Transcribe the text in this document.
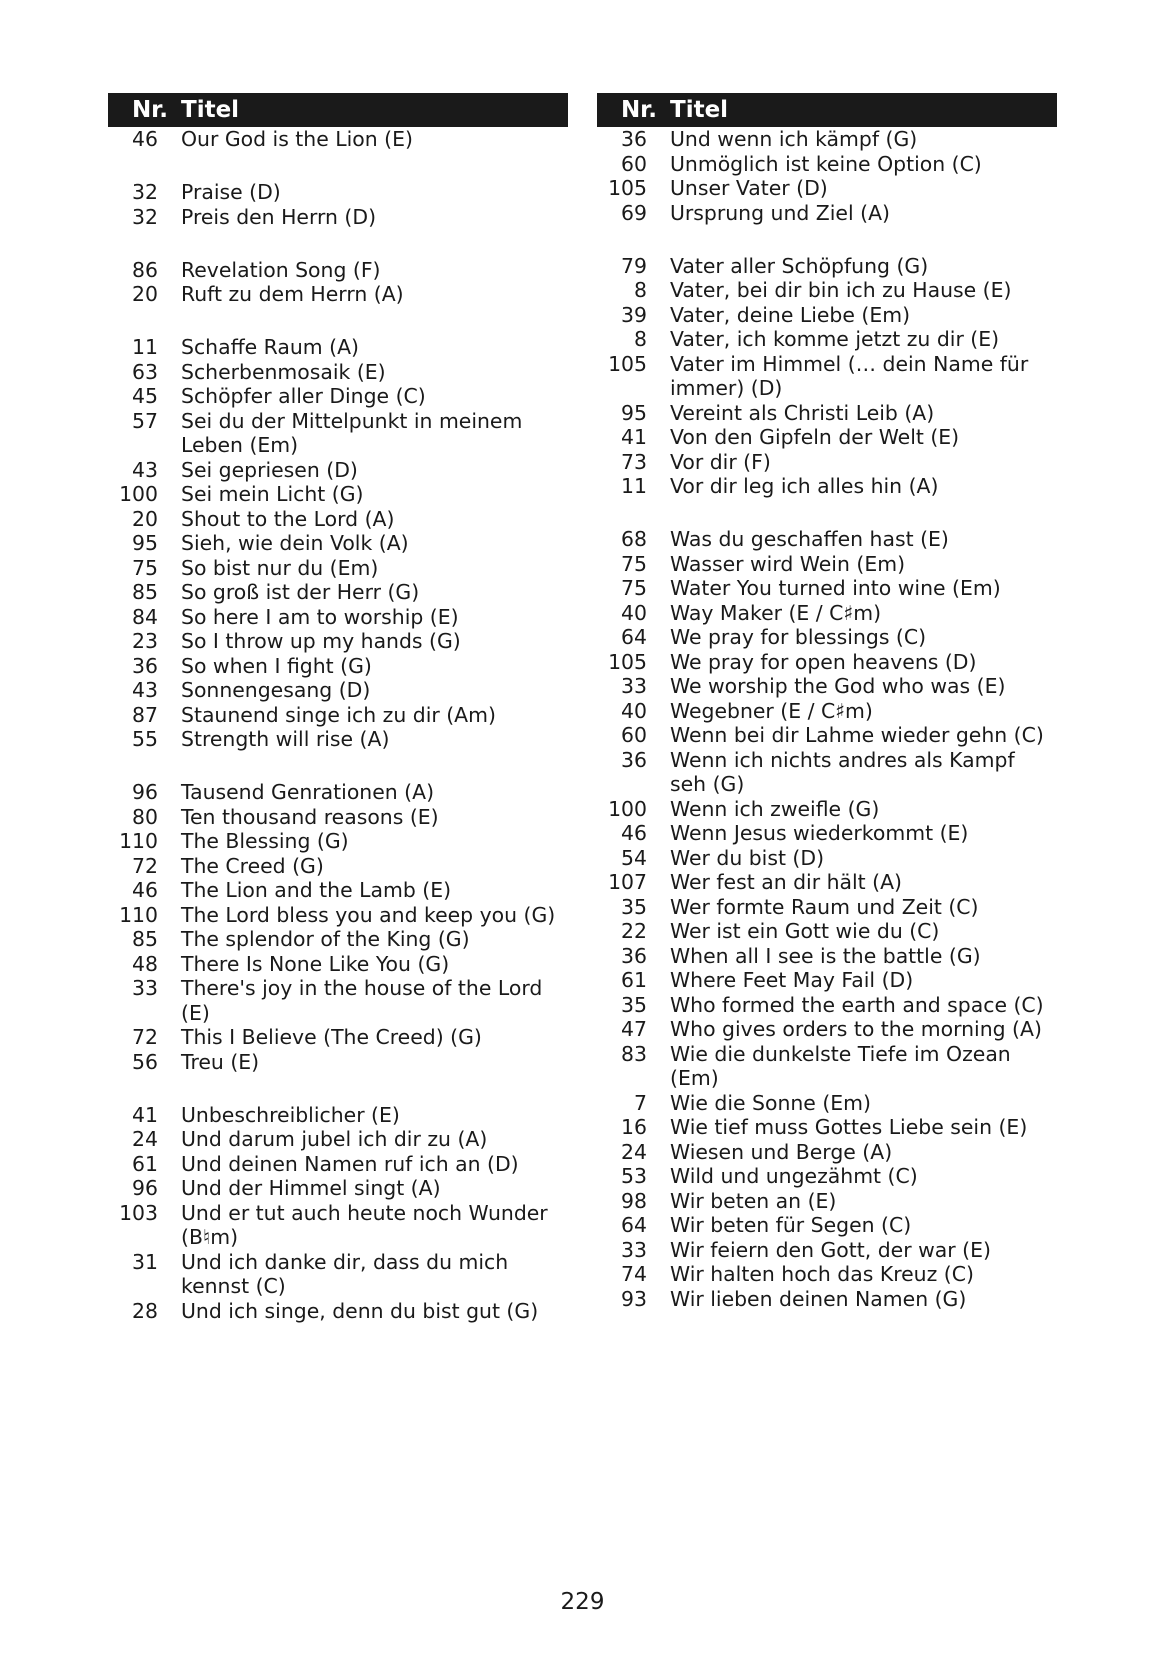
Nr. Titel
46 Our God is the Lion (E)
32 Praise (D)
32 Preis den Herrn (D)
86 Revelation Song (F)
20 Ruft zu dem Herrn (A)
11 Schaffe Raum (A)
63 Scherbenmosaik (E)
45 Schöpfer aller Dinge (C)
57 Sei du der Mittelpunkt in meinem Leben (Em)
43 Sei gepriesen (D)
100 Sei mein Licht (G)
20 Shout to the Lord (A)
95 Sieh, wie dein Volk (A)
75 So bist nur du (Em)
85 So groß ist der Herr (G)
84 So here I am to worship (E)
23 So I throw up my hands (G)
36 So when I fight (G)
43 Sonnengesang (D)
87 Staunend singe ich zu dir (Am)
55 Strength will rise (A)
96 Tausend Genrationen (A)
80 Ten thousand reasons (E)
110 The Blessing (G)
72 The Creed (G)
46 The Lion and the Lamb (E)
110 The Lord bless you and keep you (G)
85 The splendor of the King (G)
48 There Is None Like You (G)
33 There's joy in the house of the Lord (E)
72 This I Believe (The Creed) (G)
56 Treu (E)
41 Unbeschreiblicher (E)
24 Und darum jubel ich dir zu (A)
61 Und deinen Namen ruf ich an (D)
96 Und der Himmel singt (A)
103 Und er tut auch heute noch Wunder (B♮m)
31 Und ich danke dir, dass du mich kennst (C)
28 Und ich singe, denn du bist gut (G)
Nr. Titel
36 Und wenn ich kämpf (G)
60 Unmöglich ist keine Option (C)
105 Unser Vater (D)
69 Ursprung und Ziel (A)
79 Vater aller Schöpfung (G)
8 Vater, bei dir bin ich zu Hause (E)
39 Vater, deine Liebe (Em)
8 Vater, ich komme jetzt zu dir (E)
105 Vater im Himmel (… dein Name für immer) (D)
95 Vereint als Christi Leib (A)
41 Von den Gipfeln der Welt (E)
73 Vor dir (F)
11 Vor dir leg ich alles hin (A)
68 Was du geschaffen hast (E)
75 Wasser wird Wein (Em)
75 Water You turned into wine (Em)
40 Way Maker (E / C♯m)
64 We pray for blessings (C)
105 We pray for open heavens (D)
33 We worship the God who was (E)
40 Wegebner (E / C♯m)
60 Wenn bei dir Lahme wieder gehn (C)
36 Wenn ich nichts andres als Kampf seh (G)
100 Wenn ich zweifle (G)
46 Wenn Jesus wiederkommt (E)
54 Wer du bist (D)
107 Wer fest an dir hält (A)
35 Wer formte Raum und Zeit (C)
22 Wer ist ein Gott wie du (C)
36 When all I see is the battle (G)
61 Where Feet May Fail (D)
35 Who formed the earth and space (C)
47 Who gives orders to the morning (A)
83 Wie die dunkelste Tiefe im Ozean (Em)
7 Wie die Sonne (Em)
16 Wie tief muss Gottes Liebe sein (E)
24 Wiesen und Berge (A)
53 Wild und ungezähmt (C)
98 Wir beten an (E)
64 Wir beten für Segen (C)
33 Wir feiern den Gott, der war (E)
74 Wir halten hoch das Kreuz (C)
93 Wir lieben deinen Namen (G)
229
